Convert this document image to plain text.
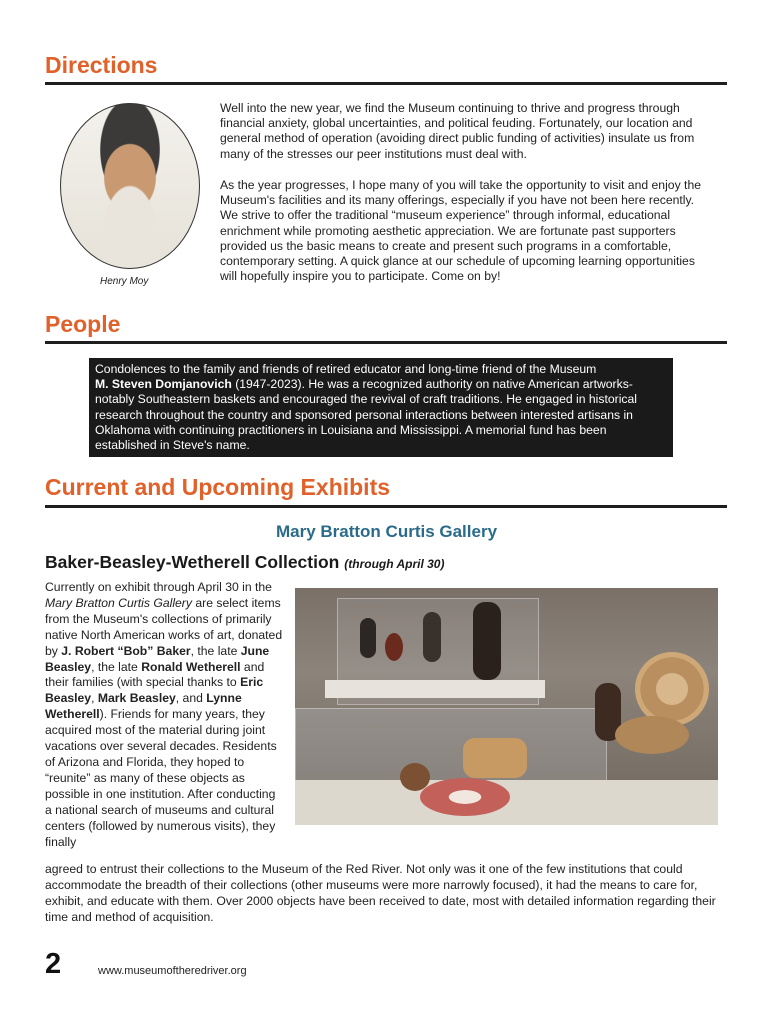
Directions
Henry Moy

Well into the new year, we find the Museum continuing to thrive and progress through financial anxiety, global uncertainties, and political feuding. Fortunately, our location and general method of operation (avoiding direct public funding of activities) insulate us from many of the stresses our peer institutions must deal with.

As the year progresses, I hope many of you will take the opportunity to visit and enjoy the Museum's facilities and its many offerings, especially if you have not been here recently. We strive to offer the traditional “museum experience” through informal, educational enrichment while promoting aesthetic appreciation. We are fortunate past supporters provided us the basic means to create and present such programs in a comfortable, contemporary setting. A quick glance at our schedule of upcoming learning opportunities will hopefully inspire you to participate. Come on by!

People
Condolences to the family and friends of retired educator and long-time friend of the Museum
M. Steven Domjanovich (1947-2023). He was a recognized authority on native American artworks-notably Southeastern baskets and encouraged the revival of craft traditions. He engaged in historical research throughout the country and sponsored personal interactions between interested artisans in Oklahoma with continuing practitioners in Louisiana and Mississippi. A memorial fund has been established in Steve's name.
Current and Upcoming Exhibits
Mary Bratton Curtis Gallery
Baker-Beasley-Wetherell Collection (through April 30)
Currently on exhibit through April 30 in the Mary Bratton Curtis Gallery are select items from the Museum's collections of primarily native North American works of art, donated by J. Robert “Bob” Baker, the late June Beasley, the late Ronald Wetherell and their families (with special thanks to Eric Beasley, Mark Beasley, and Lynne Wetherell). Friends for many years, they acquired most of the material during joint vacations over several decades. Residents of Arizona and Florida, they hoped to “reunite” as many of these objects as possible in one institution. After conducting a national search of museums and cultural centers (followed by numerous visits), they finally
agreed to entrust their collections to the Museum of the Red River. Not only was it one of the few institutions that could accommodate the breadth of their collections (other museums were more narrowly focused), it had the means to care for, exhibit, and educate with them. Over 2000 objects have been received to date, most with detailed information regarding their time and method of acquisition.
2	www.museumoftheredriver.org
